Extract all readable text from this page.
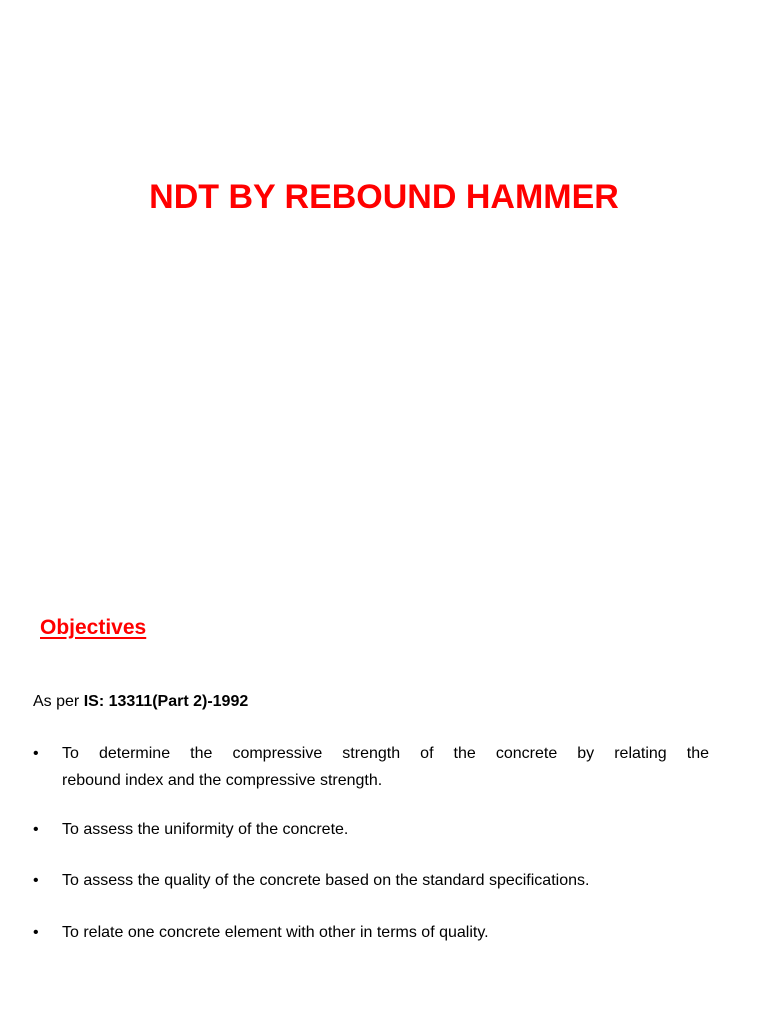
NDT BY REBOUND HAMMER
Objectives

As per IS: 13311(Part 2)-1992

•	To determine the compressive strength of the concrete by relating the
rebound index and the compressive strength.
•	To assess the uniformity of the concrete.
•	To assess the quality of the concrete based on the standard specifications.
•	To relate one concrete element with other in terms of quality.
